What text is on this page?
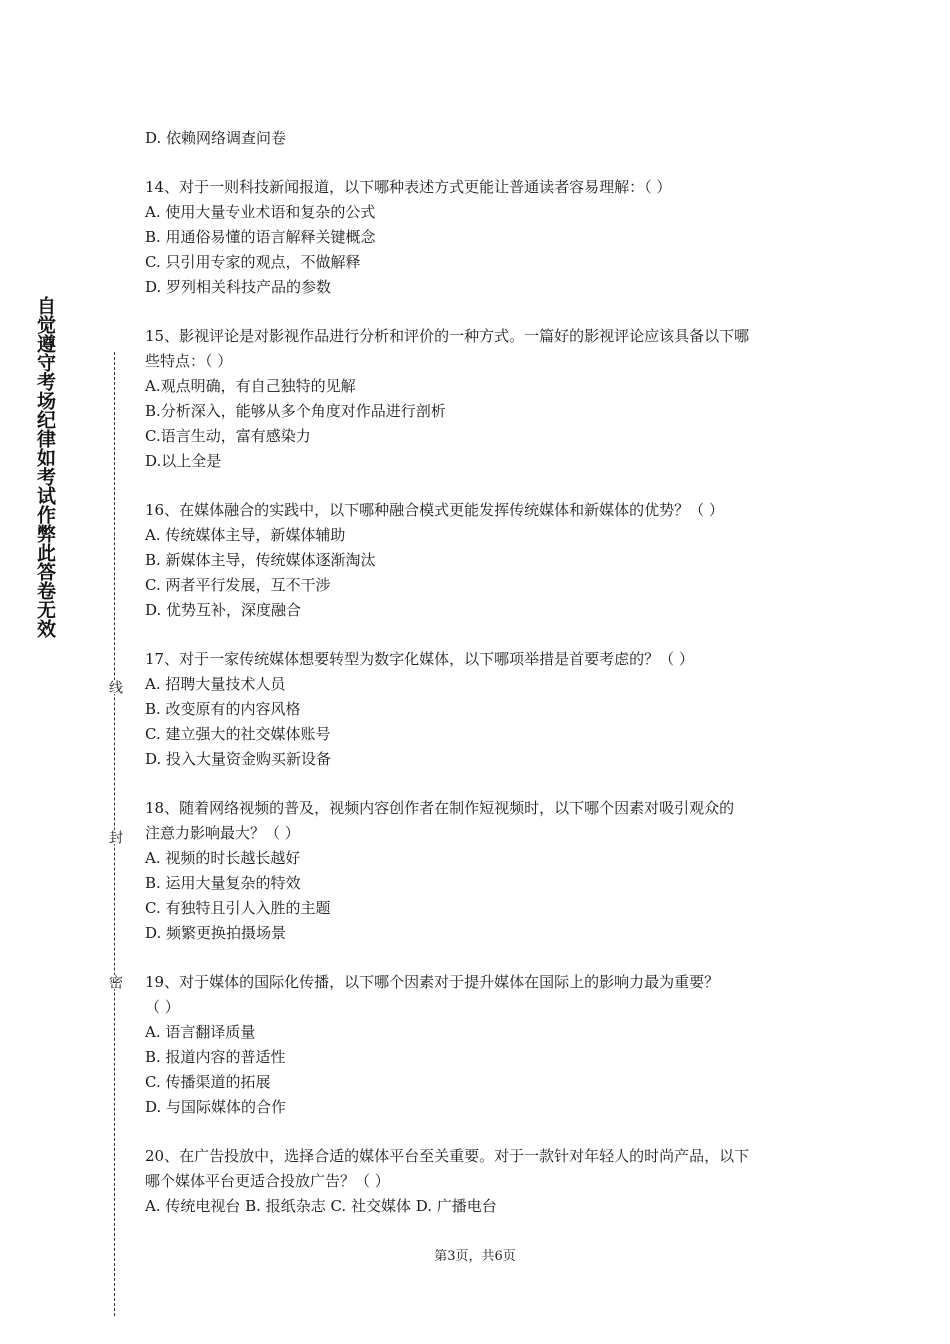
自觉遵守考场纪律如考试作弊此答卷无效
线
封
密
D. 依赖网络调查问卷
14、对于一则科技新闻报道，以下哪种表述方式更能让普通读者容易理解：（ ）
A. 使用大量专业术语和复杂的公式
B. 用通俗易懂的语言解释关键概念
C. 只引用专家的观点，不做解释
D. 罗列相关科技产品的参数
15、影视评论是对影视作品进行分析和评价的一种方式。一篇好的影视评论应该具备以下哪
些特点：（ ）
A.观点明确，有自己独特的见解
B.分析深入，能够从多个角度对作品进行剖析
C.语言生动，富有感染力
D.以上全是
16、在媒体融合的实践中，以下哪种融合模式更能发挥传统媒体和新媒体的优势？（ ）
A. 传统媒体主导，新媒体辅助
B. 新媒体主导，传统媒体逐渐淘汰
C. 两者平行发展，互不干涉
D. 优势互补，深度融合
17、对于一家传统媒体想要转型为数字化媒体，以下哪项举措是首要考虑的？（ ）
A. 招聘大量技术人员
B. 改变原有的内容风格
C. 建立强大的社交媒体账号
D. 投入大量资金购买新设备
18、随着网络视频的普及，视频内容创作者在制作短视频时，以下哪个因素对吸引观众的
注意力影响最大？（ ）
A. 视频的时长越长越好
B. 运用大量复杂的特效
C. 有独特且引人入胜的主题
D. 频繁更换拍摄场景
19、对于媒体的国际化传播，以下哪个因素对于提升媒体在国际上的影响力最为重要？
（ ）
A. 语言翻译质量
B. 报道内容的普适性
C. 传播渠道的拓展
D. 与国际媒体的合作
20、在广告投放中，选择合适的媒体平台至关重要。对于一款针对年轻人的时尚产品，以下
哪个媒体平台更适合投放广告？（ ）
A. 传统电视台 B. 报纸杂志 C. 社交媒体 D. 广播电台
第3页，共6页
